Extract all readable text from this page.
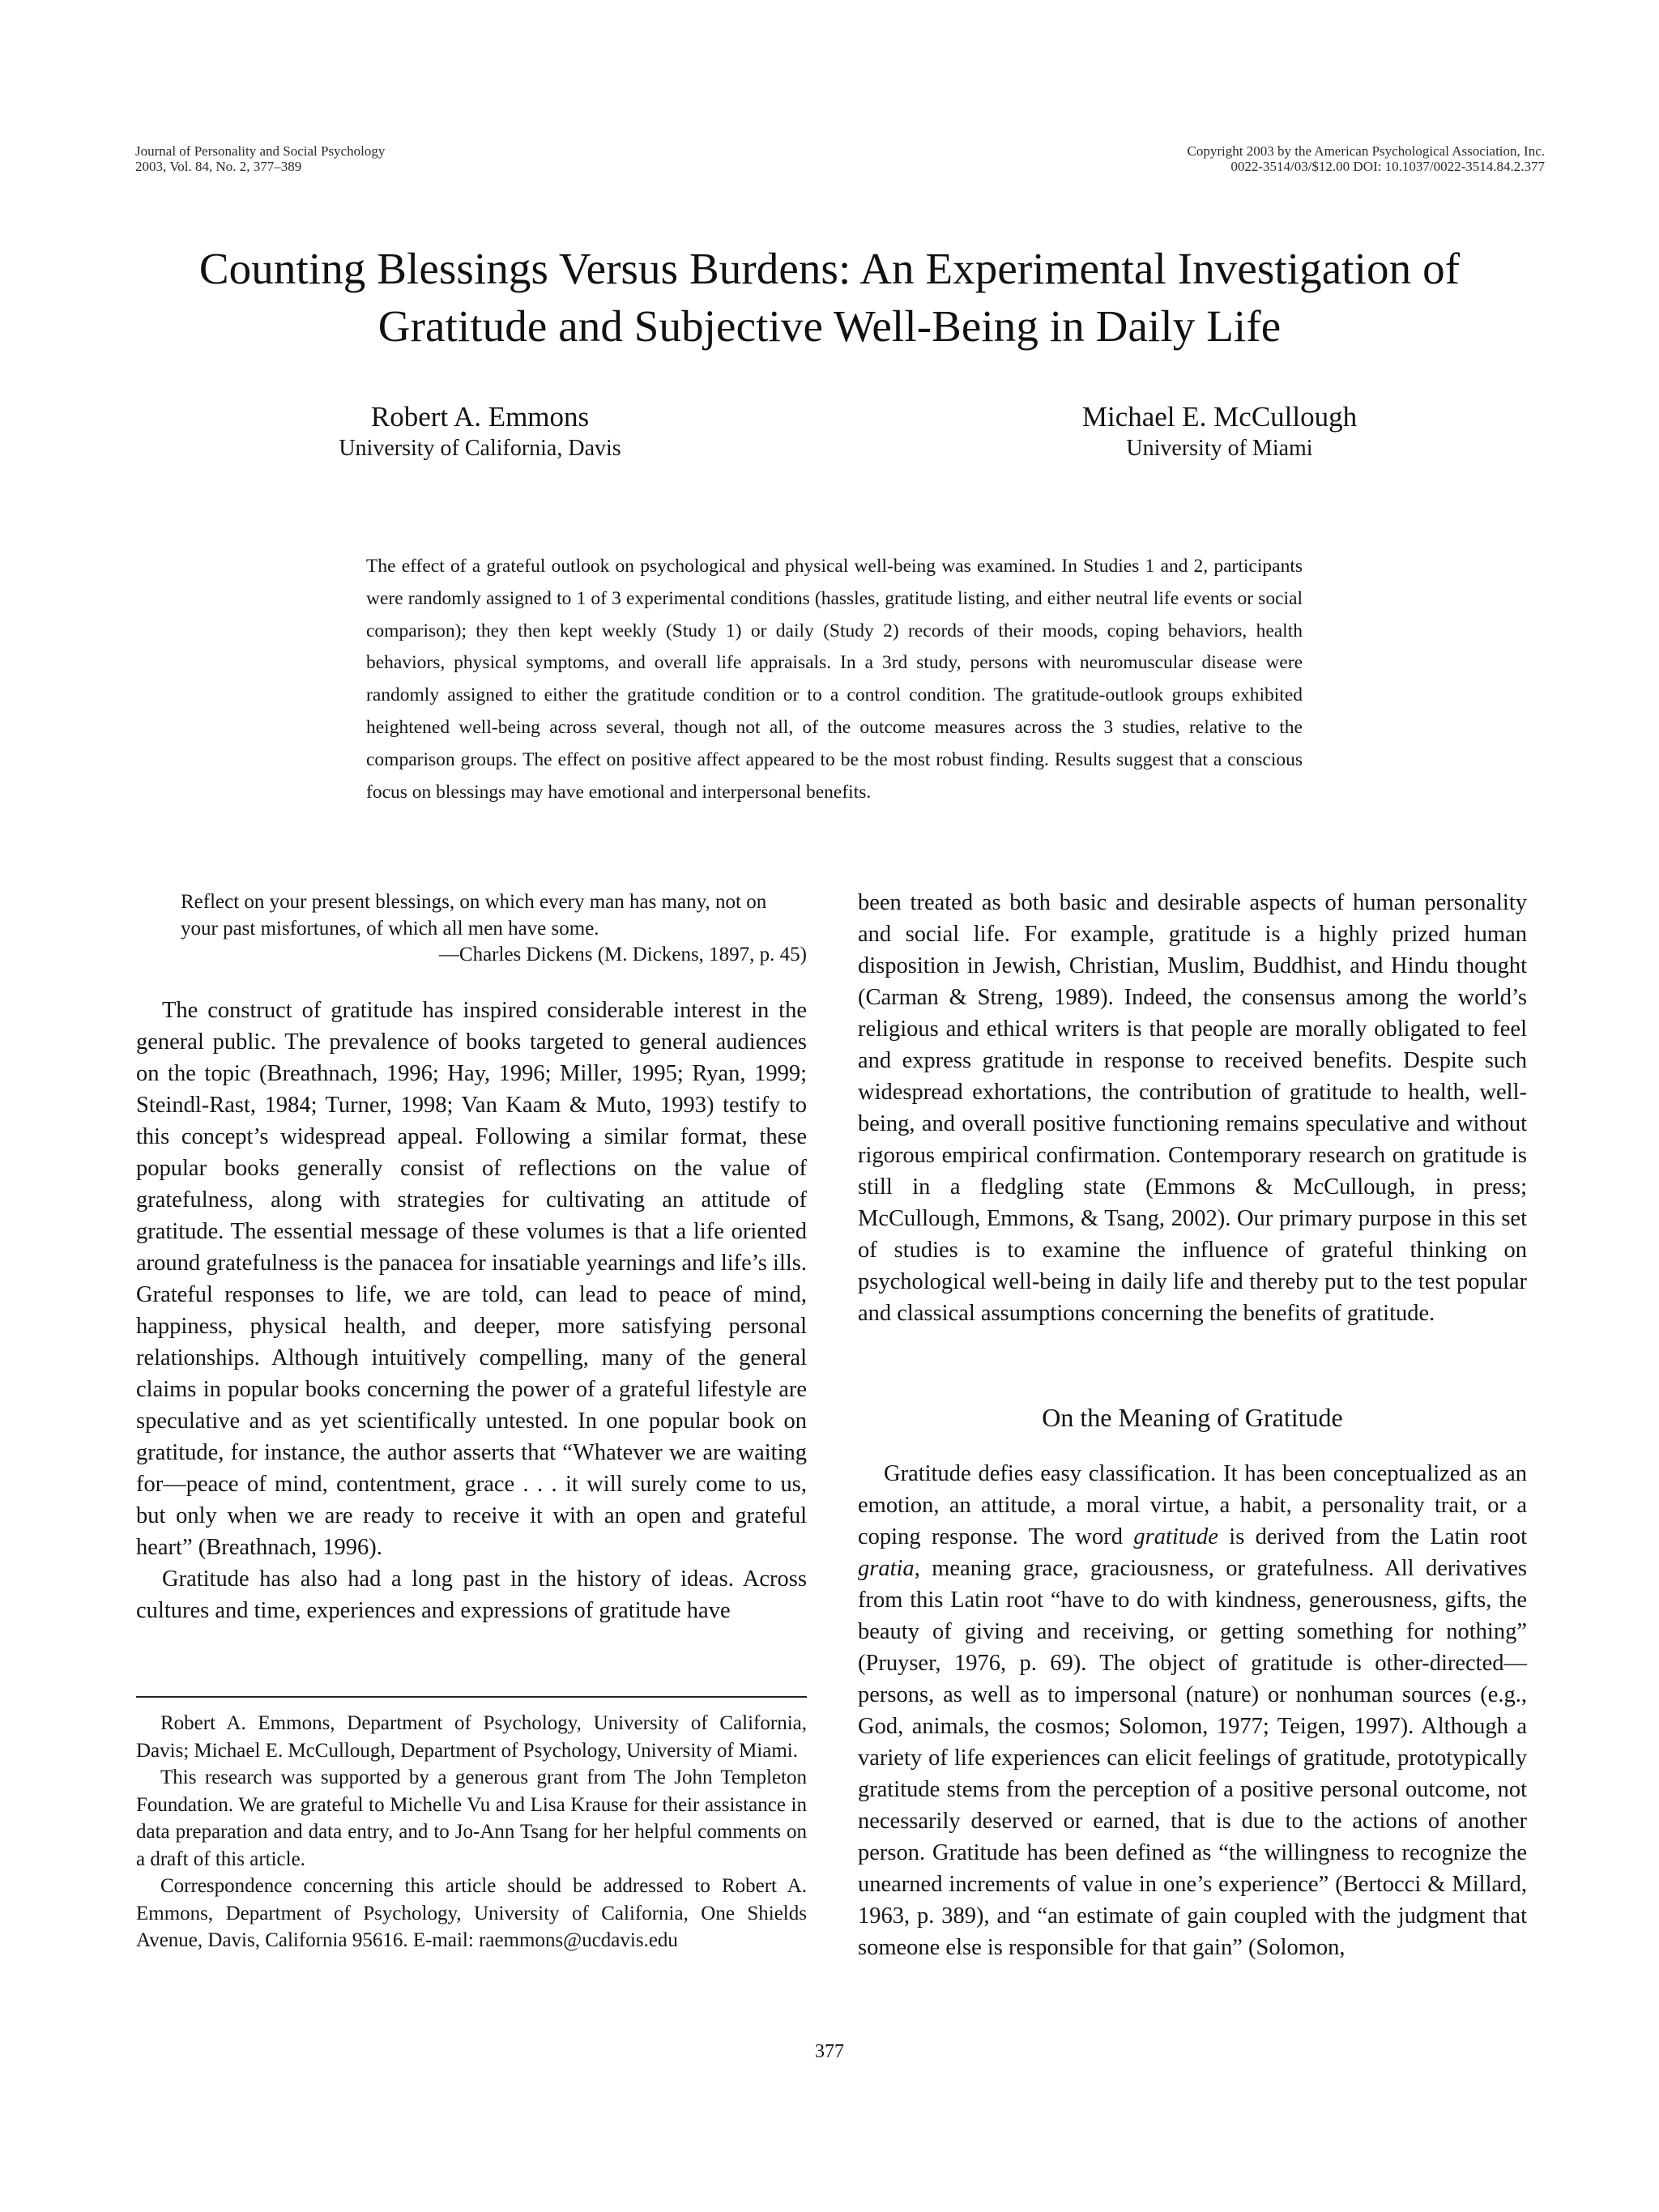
Journal of Personality and Social Psychology
2003, Vol. 84, No. 2, 377–389
Copyright 2003 by the American Psychological Association, Inc.
0022-3514/03/$12.00 DOI: 10.1037/0022-3514.84.2.377
Counting Blessings Versus Burdens: An Experimental Investigation of
Gratitude and Subjective Well-Being in Daily Life
Robert A. Emmons
University of California, Davis
Michael E. McCullough
University of Miami
The effect of a grateful outlook on psychological and physical well-being was examined. In Studies 1 and 2, participants were randomly assigned to 1 of 3 experimental conditions (hassles, gratitude listing, and either neutral life events or social comparison); they then kept weekly (Study 1) or daily (Study 2) records of their moods, coping behaviors, health behaviors, physical symptoms, and overall life appraisals. In a 3rd study, persons with neuromuscular disease were randomly assigned to either the gratitude condition or to a control condition. The gratitude-outlook groups exhibited heightened well-being across several, though not all, of the outcome measures across the 3 studies, relative to the comparison groups. The effect on positive affect appeared to be the most robust finding. Results suggest that a conscious focus on blessings may have emotional and interpersonal benefits.
Reflect on your present blessings, on which every man has many, not on your past misfortunes, of which all men have some.
—Charles Dickens (M. Dickens, 1897, p. 45)

The construct of gratitude has inspired considerable interest in the general public. The prevalence of books targeted to general audiences on the topic (Breathnach, 1996; Hay, 1996; Miller, 1995; Ryan, 1999; Steindl-Rast, 1984; Turner, 1998; Van Kaam & Muto, 1993) testify to this concept’s widespread appeal. Following a similar format, these popular books generally consist of reflections on the value of gratefulness, along with strategies for cultivating an attitude of gratitude. The essential message of these volumes is that a life oriented around gratefulness is the panacea for insatiable yearnings and life’s ills. Grateful responses to life, we are told, can lead to peace of mind, happiness, physical health, and deeper, more satisfying personal relationships. Although intuitively compelling, many of the general claims in popular books concerning the power of a grateful lifestyle are speculative and as yet scientifically untested. In one popular book on gratitude, for instance, the author asserts that “Whatever we are waiting for—peace of mind, contentment, grace . . . it will surely come to us, but only when we are ready to receive it with an open and grateful heart” (Breathnach, 1996).

Gratitude has also had a long past in the history of ideas. Across cultures and time, experiences and expressions of gratitude have

Robert A. Emmons, Department of Psychology, University of California, Davis; Michael E. McCullough, Department of Psychology, University of Miami.

This research was supported by a generous grant from The John Templeton Foundation. We are grateful to Michelle Vu and Lisa Krause for their assistance in data preparation and data entry, and to Jo-Ann Tsang for her helpful comments on a draft of this article.

Correspondence concerning this article should be addressed to Robert A. Emmons, Department of Psychology, University of California, One Shields Avenue, Davis, California 95616. E-mail: raemmons@ucdavis.edu

been treated as both basic and desirable aspects of human personality and social life. For example, gratitude is a highly prized human disposition in Jewish, Christian, Muslim, Buddhist, and Hindu thought (Carman & Streng, 1989). Indeed, the consensus among the world’s religious and ethical writers is that people are morally obligated to feel and express gratitude in response to received benefits. Despite such widespread exhortations, the contribution of gratitude to health, well-being, and overall positive functioning remains speculative and without rigorous empirical confirmation. Contemporary research on gratitude is still in a fledgling state (Emmons & McCullough, in press; McCullough, Emmons, & Tsang, 2002). Our primary purpose in this set of studies is to examine the influence of grateful thinking on psychological well-being in daily life and thereby put to the test popular and classical assumptions concerning the benefits of gratitude.

On the Meaning of Gratitude

Gratitude defies easy classification. It has been conceptualized as an emotion, an attitude, a moral virtue, a habit, a personality trait, or a coping response. The word gratitude is derived from the Latin root gratia, meaning grace, graciousness, or gratefulness. All derivatives from this Latin root “have to do with kindness, generousness, gifts, the beauty of giving and receiving, or getting something for nothing” (Pruyser, 1976, p. 69). The object of gratitude is other-directed—persons, as well as to impersonal (nature) or nonhuman sources (e.g., God, animals, the cosmos; Solomon, 1977; Teigen, 1997). Although a variety of life experiences can elicit feelings of gratitude, prototypically gratitude stems from the perception of a positive personal outcome, not necessarily deserved or earned, that is due to the actions of another person. Gratitude has been defined as “the willingness to recognize the unearned increments of value in one’s experience” (Bertocci & Millard, 1963, p. 389), and “an estimate of gain coupled with the judgment that someone else is responsible for that gain” (Solomon,

377
